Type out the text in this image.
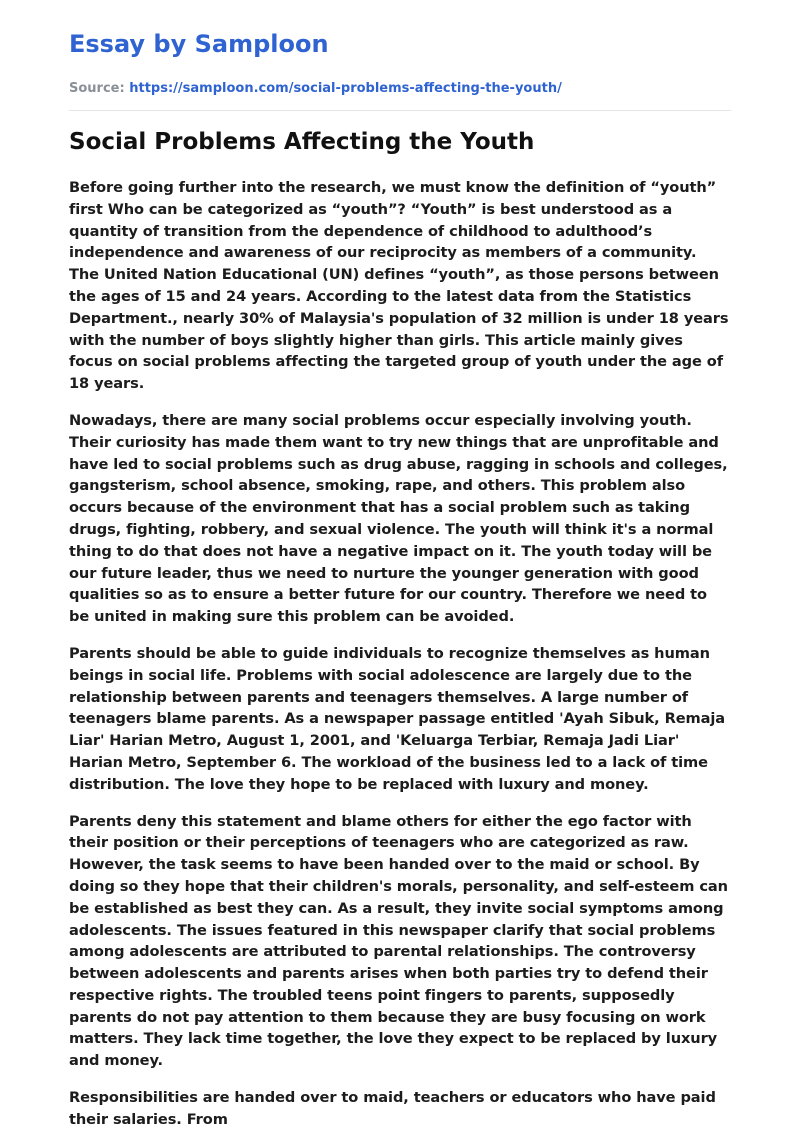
Essay by Samploon
Source: https://samploon.com/social-problems-affecting-the-youth/
Social Problems Affecting the Youth

Before going further into the research, we must know the definition of “youth” first Who can be categorized as “youth”? “Youth” is best understood as a quantity of transition from the dependence of childhood to adulthood’s independence and awareness of our reciprocity as members of a community. The United Nation Educational (UN) defines “youth”, as those persons between the ages of 15 and 24 years. According to the latest data from the Statistics Department., nearly 30% of Malaysia's population of 32 million is under 18 years with the number of boys slightly higher than girls. This article mainly gives focus on social problems affecting the targeted group of youth under the age of 18 years.

Nowadays, there are many social problems occur especially involving youth. Their curiosity has made them want to try new things that are unprofitable and have led to social problems such as drug abuse, ragging in schools and colleges, gangsterism, school absence, smoking, rape, and others. This problem also occurs because of the environment that has a social problem such as taking drugs, fighting, robbery, and sexual violence. The youth will think it's a normal thing to do that does not have a negative impact on it. The youth today will be our future leader, thus we need to nurture the younger generation with good qualities so as to ensure a better future for our country. Therefore we need to be united in making sure this problem can be avoided.

Parents should be able to guide individuals to recognize themselves as human beings in social life. Problems with social adolescence are largely due to the relationship between parents and teenagers themselves. A large number of teenagers blame parents. As a newspaper passage entitled 'Ayah Sibuk, Remaja Liar' Harian Metro, August 1, 2001, and 'Keluarga Terbiar, Remaja Jadi Liar' Harian Metro, September 6. The workload of the business led to a lack of time distribution. The love they hope to be replaced with luxury and money.

Parents deny this statement and blame others for either the ego factor with their position or their perceptions of teenagers who are categorized as raw. However, the task seems to have been handed over to the maid or school. By doing so they hope that their children's morals, personality, and self-esteem can be established as best they can. As a result, they invite social symptoms among adolescents. The issues featured in this newspaper clarify that social problems among adolescents are attributed to parental relationships. The controversy between adolescents and parents arises when both parties try to defend their respective rights. The troubled teens point fingers to parents, supposedly parents do not pay attention to them because they are busy focusing on work matters. They lack time together, the love they expect to be replaced by luxury and money.

Responsibilities are handed over to maid, teachers or educators who have paid their salaries. From
